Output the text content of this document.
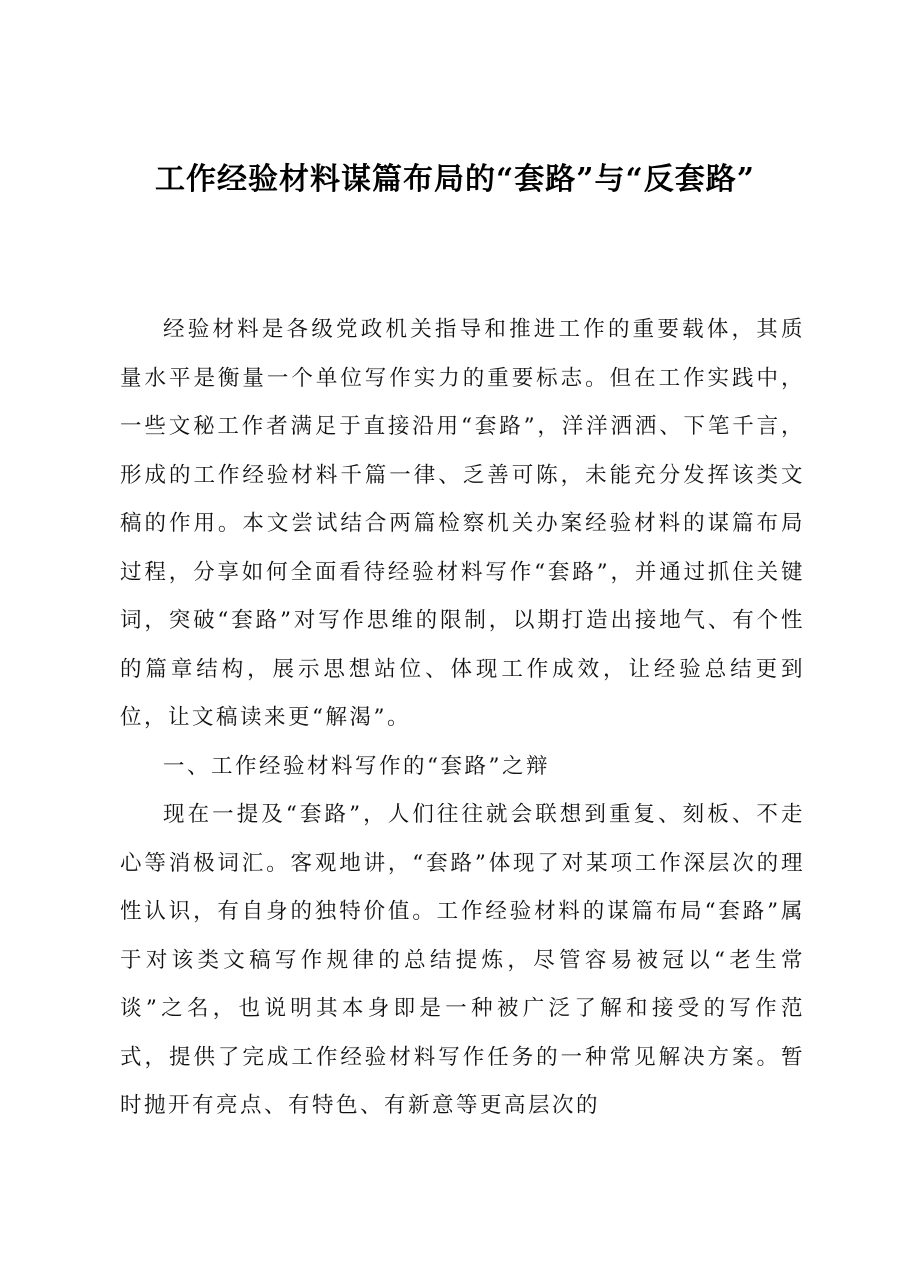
工作经验材料谋篇布局的“套路”与“反套路”

经验材料是各级党政机关指导和推进工作的重要载体，其质量水平是衡量一个单位写作实力的重要标志。但在工作实践中，一些文秘工作者满足于直接沿用“套路”，洋洋洒洒、下笔千言，形成的工作经验材料千篇一律、乏善可陈，未能充分发挥该类文稿的作用。本文尝试结合两篇检察机关办案经验材料的谋篇布局过程，分享如何全面看待经验材料写作“套路”，并通过抓住关键词，突破“套路”对写作思维的限制，以期打造出接地气、有个性的篇章结构，展示思想站位、体现工作成效，让经验总结更到位，让文稿读来更“解渴”。

一、工作经验材料写作的“套路”之辩

现在一提及“套路”，人们往往就会联想到重复、刻板、不走心等消极词汇。客观地讲，“套路”体现了对某项工作深层次的理性认识，有自身的独特价值。工作经验材料的谋篇布局“套路”属于对该类文稿写作规律的总结提炼，尽管容易被冠以“老生常谈”之名，也说明其本身即是一种被广泛了解和接受的写作范式，提供了完成工作经验材料写作任务的一种常见解决方案。暂时抛开有亮点、有特色、有新意等更高层次的
